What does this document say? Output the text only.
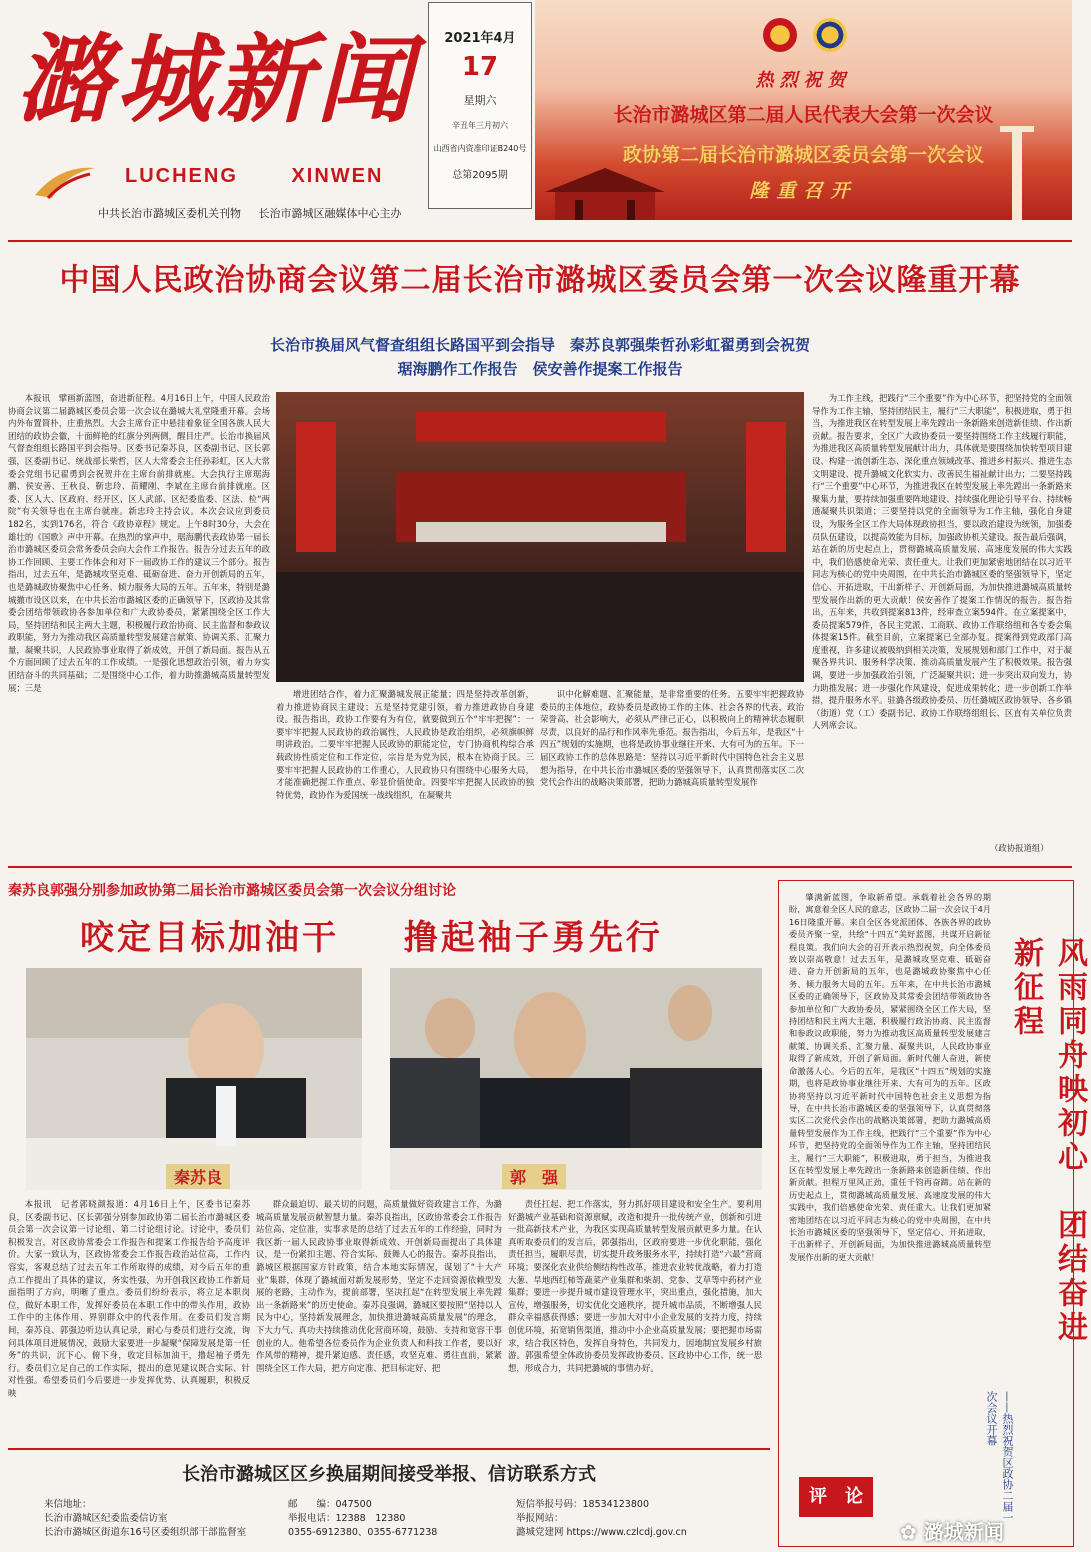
潞城新闻
LUCHENG	XINWEN
中共长治市潞城区委机关刊物 长治市潞城区融媒体中心主办
2021年4月
17
星期六
辛丑年三月初六
山西省内资准印证B240号
总第2095期
热烈祝贺
长治市潞城区第二届人民代表大会第一次会议
政协第二届长治市潞城区委员会第一次会议
隆重召开
中国人民政治协商会议第二届长治市潞城区委员会第一次会议隆重开幕
长治市换届风气督查组组长路国平到会指导　秦苏良郭强柴哲孙彩虹翟勇到会祝贺
琚海鹏作工作报告　侯安善作提案工作报告

本报讯　擘画新蓝图，奋进新征程。4月16日上午，中国人民政治协商会议第二届潞城区委员会第一次会议在潞城大礼堂隆重开幕。会场内外布置简朴，庄重热烈。大会主席台正中悬挂着象征全国各族人民大团结的政协会徽，十面鲜艳的红旗分列两侧，醒目庄严。长治市换届风气督查组组长路国平到会指导。区委书记秦苏良，区委副书记、区长郭强，区委副书记、统战部长柴哲，区人大常委会主任孙彩虹，区人大常委会党组书记翟勇到会祝贺并在主席台前排就座。大会执行主席琚海鹏、侯安善、王秋良、靳忠玲、苗耀刚、李斌在主席台前排就座。区委、区人大、区政府、经开区、区人武部、区纪委监委、区法、检“两院”有关领导也在主席台就座。新忠玲主持会议。本次会议应到委员182名，实到176名，符合《政协章程》规定。上午8时30分，大会在雄壮的《国歌》声中开幕。在热烈的掌声中，琚海鹏代表政协第一届长治市潞城区委员会常务委员会向大会作工作报告。报告分过去五年的政协工作回顾、主要工作体会和对下一届政协工作的建议三个部分。报告指出，过去五年，是潞城攻坚克难、砥砺奋进、奋力开创新局的五年，也是潞城政协聚焦中心任务、倾力服务大局的五年。五年来，特别是潞城撤市设区以来，在中共长治市潞城区委的正确领导下，区政协及其常委会团结带领政协各参加单位和广大政协委员，紧紧围绕全区工作大局，坚持团结和民主两大主题，积极履行政治协商、民主监督和参政议政职能，努力为推动我区高质量转型发展建言献策、协调关系、汇聚力量，凝聚共识，人民政协事业取得了新成效，开创了新局面。报告从五个方面回顾了过去五年的工作成绩。一是强化思想政治引领，着力夯实团结奋斗的共同基础；二是围绕中心工作，着力助推潞城高质量转型发展；三是

增进团结合作，着力汇聚潞城发展正能量；四是坚持改革创新，着力推进协商民主建设；五是坚持党建引领，着力推进政协自身建设。报告指出，政协工作要有为有位，就要做到五个“牢牢把握”：一要牢牢把握人民政协的政治属性，人民政协是政治组织，必须旗帜鲜明讲政治。二要牢牢把握人民政协的职能定位，专门协商机构综合承载政协性质定位和工作定位，宗旨是为党为民，根本在协商于民。三要牢牢把握人民政协的工作重心，人民政协只有围绕中心服务大局，才能准确把握工作重点、彰显价值使命。四要牢牢把握人民政协的独特优势，政协作为爱国统一战线组织，在凝聚共

识中化解难题、汇聚能量，是非常重要的任务。五要牢牢把握政协委员的主体地位，政协委员是政协工作的主体、社会各界的代表，政治荣誉高、社会影响大，必须从严律己正心，以积极向上的精神状态履职尽责，以良好的品行和作风率先垂范。报告指出，今后五年，是我区“十四五”规划的实施期，也将是政协事业继往开来、大有可为的五年。下一届区政协工作的总体思路是：坚持以习近平新时代中国特色社会主义思想为指导，在中共长治市潞城区委的坚强领导下，认真贯彻落实区二次党代会作出的战略决策部署，把助力潞城高质量转型发展作

为工作主线，把践行“三个重要”作为中心环节，把坚持党的全面领导作为工作主轴，坚持团结民主，履行“三大职能”，积极进取，勇于担当，为推进我区在转型发展上率先蹚出一条新路来创造新佳绩、作出新贡献。报告要求，全区广大政协委员一要坚持围绕工作主线履行职能，为推进我区高质量转型发展献计出力，具体就是要围绕加快转型项目建设、构建一流创新生态、深化重点领域改革、推进乡村振兴、推进生态文明建设、提升潞城文化软实力、改善民生福祉献计出力；二要坚持践行“三个重要”中心环节，为推进我区在转型发展上率先蹚出一条新路来聚集力量，要持续加强重要阵地建设、持续强化理论引导平台、持续畅通凝聚共识渠道；三要坚持以党的全面领导为工作主轴，强化自身建设，为服务全区工作大局体现政协担当，要以政治建设为统领，加强委员队伍建设，以提高效能为目标，加强政协机关建设。报告最后强调，站在新的历史起点上，贯彻潞城高质量发展、高速度发展的伟大实践中，我们倍感使命光荣、责任重大。让我们更加紧密地团结在以习近平同志为核心的党中央周围，在中共长治市潞城区委的坚强领导下，坚定信心、开拓进取，干出新样子、开创新局面，为加快推进潞城高质量转型发展作出新的更大贡献！侯安善作了提案工作情况的报告。报告指出，五年来，共收到提案813件，经审查立案594件。在立案提案中，委员提案579件，各民主党派、工商联、政协工作联络组和各专委会集体提案15件。截至目前，立案提案已全部办复。提案得到党政部门高度重视，许多建议被吸纳到相关决策，发展规划和部门工作中，对于凝聚各界共识、服务科学决策、推动高质量发展产生了积极效果。报告强调，要进一步加强政治引领，广泛凝聚共识；进一步突出双向发力，协力助推发展；进一步强化作风建设，促进成果转化；进一步创新工作举措，提升服务水平。驻潞各级政协委员、历任潞城区政协领导、各乡镇（街道）党（工）委副书记、政协工作联络组组长、区直有关单位负责人列席会议。

（政协报道组）
秦苏良郭强分别参加政协第二届长治市潞城区委员会第一次会议分组讨论
咬定目标加油干 撸起袖子勇先行
秦苏良	郭　强

本报讯　记者郭晓颜报道：4月16日上午，区委书记秦苏良，区委副书记、区长郭强分别参加政协第二届长治市潞城区委员会第一次会议第一讨论组、第二讨论组讨论。讨论中，委员们积极发言，对区政协常委会工作报告和提案工作报告给予高度评价。大家一致认为，区政协常委会工作报告政治站位高，工作内容实，客观总结了过去五年工作所取得的成绩，对今后五年的重点工作提出了具体的建议，务实性强，为开创我区政协工作新局面指明了方向，明晰了重点。委员们纷纷表示，将立足本职岗位，做好本职工作，发挥好委员在本职工作中的带头作用，政协工作中的主体作用、界别群众中的代表作用。在委员们发言期间，秦苏良、郭强边听边认真记录，耐心与委员们进行交流，询问具体项目进展情况，鼓励大家要进一步凝聚“保障发展是第一任务”的共识，沉下心、俯下身，收定目标加油干，撸起袖子勇先行。委员们立足自己的工作实际，提出的意见建议既合实际、针对性强。希望委员们今后要进一步发挥优势、认真履职，积极反映

群众最迫切、最关切的问题，高质量做好资政建言工作，为潞城高质量发展贡献智慧力量。秦苏良指出，区政协常委会工作报告站位高、定位准，实事求是的总结了过去五年的工作经验，同时为我区新一届人民政协事业取得新成效、开创新局面提出了具体建议，是一份紧扣主题、符合实际、鼓舞人心的报告。秦苏良指出，潞城区根据国家方针政策，结合本地实际情况，谋划了“十大产业”集群，体现了潞城面对新发展形势，坚定不走回资源依赖型发展的老路，主动作为，提前部署，坚决扛起“在转型发展上率先蹚出一条新路来”的历史使命。秦苏良强调，潞城区要按照“坚持以人民为中心，坚持新发展理念，加快推进潞城高质量发展”的理念，下大力气、真功夫持续推动优化营商环境，鼓励、支持和宽容干事创业的人。他希望各位委员作为企业负责人和科技工作者，要以好作风带的精神，提升紧迫感、责任感，攻坚克难、勇往直前，紧紧围绕全区工作大局，把方向定准、把目标定好、把

责任扛起、把工作落实，努力抓好项目建设和安全生产。要利用好潞城产业基础和资源禀赋，改造和提升一批传统产业，创新和引进一批高新技术产业，为我区实现高质量转型发展贡献更多力量。在认真听取委员们的发言后，郭强指出，区政府要进一步优化职能，强化责任担当，履职尽责，切实提升政务服务水平，持续打造“六最”营商环境；要深化农业供给侧结构性改革，推进农业转优战略，着力打造大葱、旱地西红柿等蔬菜产业集群和柴胡、党参、艾草等中药材产业集群；要进一步提升城市建设管理水平，突出重点，强化措施，加大宣传，增强服务，切实优化交通秩序，提升城市品质，不断增强人民群众幸福感获得感；要进一步加大对中小企业发展的支持力度，持续创优环境，拓宽销售渠道，推动中小企业高质量发展；要把握市场需求，结合我区特色，发挥自身特色，共同发力，因地制宜发展乡村旅游。郭强希望全体政协委员发挥政协委员、区政协中心工作，统一思想，形成合力，共同把潞城的事情办好。

肇满新蓝图，争取新希望。承载着社会各界的期盼，寓意着全区人民的意志，区政协二届一次会议于4月16日隆重开幕。来自全区各党派团体、各族各界的政协委员齐聚一堂，共绘“十四五”美好蓝图，共谋开启新征程良策。我们向大会的召开表示热烈祝贺，向全体委员致以崇高敬意！过去五年，是潞城攻坚克难、砥砺奋进、奋力开创新局的五年，也是潞城政协聚焦中心任务、倾力服务大局的五年。五年来，在中共长治市潞城区委的正确领导下，区政协及其常委会团结带领政协各参加单位和广大政协委员，紧紧围绕全区工作大局，坚持团结和民主两大主题，积极履行政治协商、民主监督和参政议政职能，努力为推动我区高质量转型发展建言献策、协调关系、汇聚力量、凝聚共识，人民政协事业取得了新成效，开创了新局面。新时代催人奋进，新使命激荡人心。今后的五年，是我区“十四五”规划的实施期，也将是政协事业继往开来、大有可为的五年。区政协将坚持以习近平新时代中国特色社会主义思想为指导，在中共长治市潞城区委的坚强领导下，认真贯彻落实区二次党代会作出的战略决策部署，把助力潞城高质量转型发展作为工作主线，把践行“三个重要”作为中心环节，把坚持党的全面领导作为工作主轴，坚持团结民主，履行“三大职能”，积极进取，勇于担当，为推进我区在转型发展上率先蹚出一条新路来创造新佳绩、作出新贡献。担程万里风正劲，重任千钧再奋蹄。站在新的历史起点上，贯彻潞城高质量发展、高速度发展的伟大实践中，我们倍感使命光荣、责任重大。让我们更加紧密地团结在以习近平同志为核心的党中央周围，在中共长治市潞城区委的坚强领导下，坚定信心、开拓进取，干出新样子、开创新局面，为加快推进潞城高质量转型发展作出新的更大贡献！	风雨同舟映初心　团结奋进新征程
——热烈祝贺区政协二届一次会议开幕
评　论
长治市潞城区区乡换届期间接受举报、信访联系方式
来信地址：
长治市潞城区纪委监委信访室
长治市潞城区街道东16号区委组织部干部监督室
邮　　编：047500
举报电话：12388　12380
0355-6912380、0355-6771238
短信举报号码：18534123800
举报网站：
潞城党建网 https://www.czlcdj.gov.cn	✿ 潞城新闻
